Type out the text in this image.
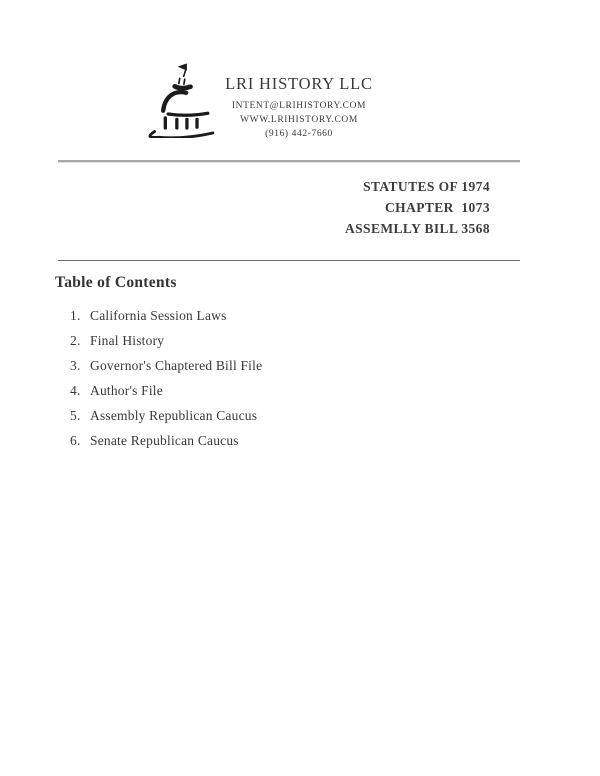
LRI HISTORY LLC
INTENT@LRIHISTORY.COM
WWW.LRIHISTORY.COM
(916) 442-7660
STATUTES OF 1974
CHAPTER  1073
ASSEMLLY BILL 3568
Table of Contents
1. California Session Laws
2. Final History
3. Governor's Chaptered Bill File
4. Author's File
5. Assembly Republican Caucus
6. Senate Republican Caucus
